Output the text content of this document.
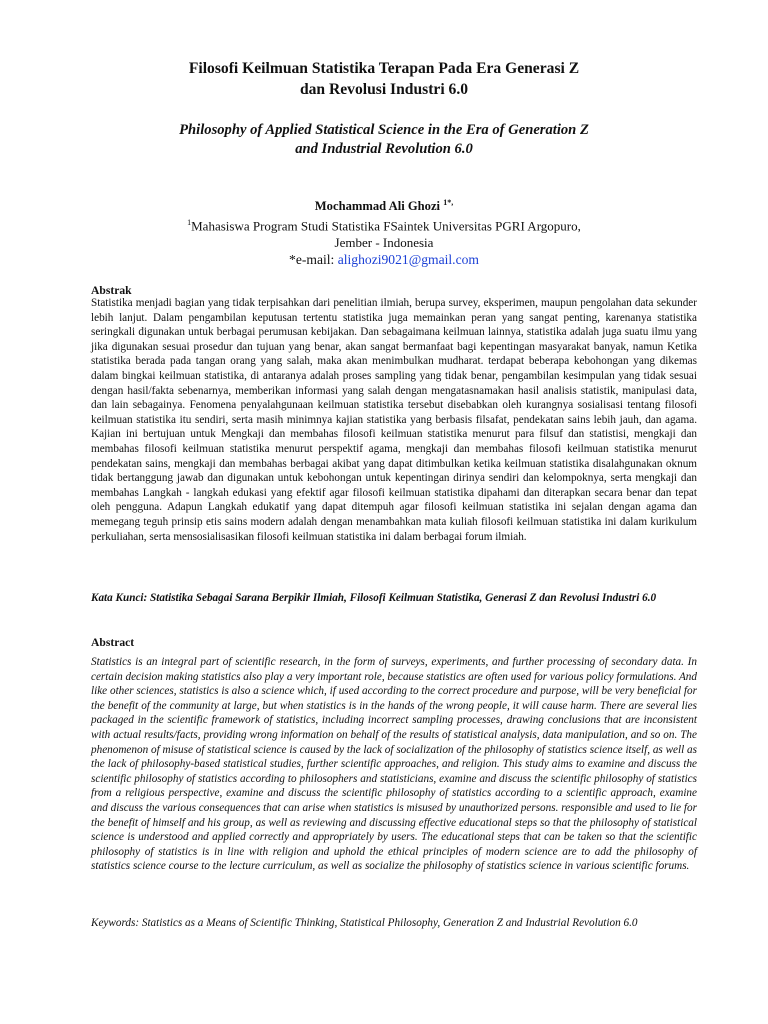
Filosofi Keilmuan Statistika Terapan Pada Era Generasi Z
dan Revolusi Industri 6.0
Philosophy of Applied Statistical Science in the Era of Generation Z
and Industrial Revolution 6.0
Mochammad Ali Ghozi $^{1*,}$
$^1$Mahasiswa Program Studi Statistika FSaintek Universitas PGRI Argopuro,
Jember - Indonesia
*e-mail: alighozi9021@gmail.com
Abstrak
Statistika menjadi bagian yang tidak terpisahkan dari penelitian ilmiah, berupa survey, eksperimen, maupun pengolahan data sekunder lebih lanjut. Dalam pengambilan keputusan tertentu statistika juga memainkan peran yang sangat penting, karenanya statistika seringkali digunakan untuk berbagai perumusan kebijakan. Dan sebagaimana keilmuan lainnya, statistika adalah juga suatu ilmu yang jika digunakan sesuai prosedur dan tujuan yang benar, akan sangat bermanfaat bagi kepentingan masyarakat banyak, namun Ketika statistika berada pada tangan orang yang salah, maka akan menimbulkan mudharat. terdapat beberapa kebohongan yang dikemas dalam bingkai keilmuan statistika, di antaranya adalah proses sampling yang tidak benar, pengambilan kesimpulan yang tidak sesuai dengan hasil/fakta sebenarnya, memberikan informasi yang salah dengan mengatasnamakan hasil analisis statistik, manipulasi data, dan lain sebagainya. Fenomena penyalahgunaan keilmuan statistika tersebut disebabkan oleh kurangnya sosialisasi tentang filosofi keilmuan statistika itu sendiri, serta masih minimnya kajian statistika yang berbasis filsafat, pendekatan sains lebih jauh, dan agama. Kajian ini bertujuan untuk Mengkaji dan membahas filosofi keilmuan statistika menurut para filsuf dan statistisi, mengkaji dan membahas filosofi keilmuan statistika menurut perspektif agama, mengkaji dan membahas filosofi keilmuan statistika menurut pendekatan sains, mengkaji dan membahas berbagai akibat yang dapat ditimbulkan ketika keilmuan statistika disalahgunakan oknum tidak bertanggung jawab dan digunakan untuk kebohongan untuk kepentingan dirinya sendiri dan kelompoknya, serta mengkaji dan membahas Langkah - langkah edukasi yang efektif agar filosofi keilmuan statistika dipahami dan diterapkan secara benar dan tepat oleh pengguna. Adapun Langkah edukatif yang dapat ditempuh agar filosofi keilmuan statistika ini sejalan dengan agama dan memegang teguh prinsip etis sains modern adalah dengan menambahkan mata kuliah filosofi keilmuan statistika ini dalam kurikulum perkuliahan, serta mensosialisasikan filosofi keilmuan statistika ini dalam berbagai forum ilmiah.
Kata Kunci: Statistika Sebagai Sarana Berpikir Ilmiah, Filosofi Keilmuan Statistika, Generasi Z dan Revolusi Industri 6.0
Abstract
Statistics is an integral part of scientific research, in the form of surveys, experiments, and further processing of secondary data. In certain decision making statistics also play a very important role, because statistics are often used for various policy formulations. And like other sciences, statistics is also a science which, if used according to the correct procedure and purpose, will be very beneficial for the benefit of the community at large, but when statistics is in the hands of the wrong people, it will cause harm. There are several lies packaged in the scientific framework of statistics, including incorrect sampling processes, drawing conclusions that are inconsistent with actual results/facts, providing wrong information on behalf of the results of statistical analysis, data manipulation, and so on. The phenomenon of misuse of statistical science is caused by the lack of socialization of the philosophy of statistics science itself, as well as the lack of philosophy-based statistical studies, further scientific approaches, and religion. This study aims to examine and discuss the scientific philosophy of statistics according to philosophers and statisticians, examine and discuss the scientific philosophy of statistics from a religious perspective, examine and discuss the scientific philosophy of statistics according to a scientific approach, examine and discuss the various consequences that can arise when statistics is misused by unauthorized persons. responsible and used to lie for the benefit of himself and his group, as well as reviewing and discussing effective educational steps so that the philosophy of statistical science is understood and applied correctly and appropriately by users. The educational steps that can be taken so that the scientific philosophy of statistics is in line with religion and uphold the ethical principles of modern science are to add the philosophy of statistics science course to the lecture curriculum, as well as socialize the philosophy of statistics science in various scientific forums.
Keywords: Statistics as a Means of Scientific Thinking, Statistical Philosophy, Generation Z and Industrial Revolution 6.0
